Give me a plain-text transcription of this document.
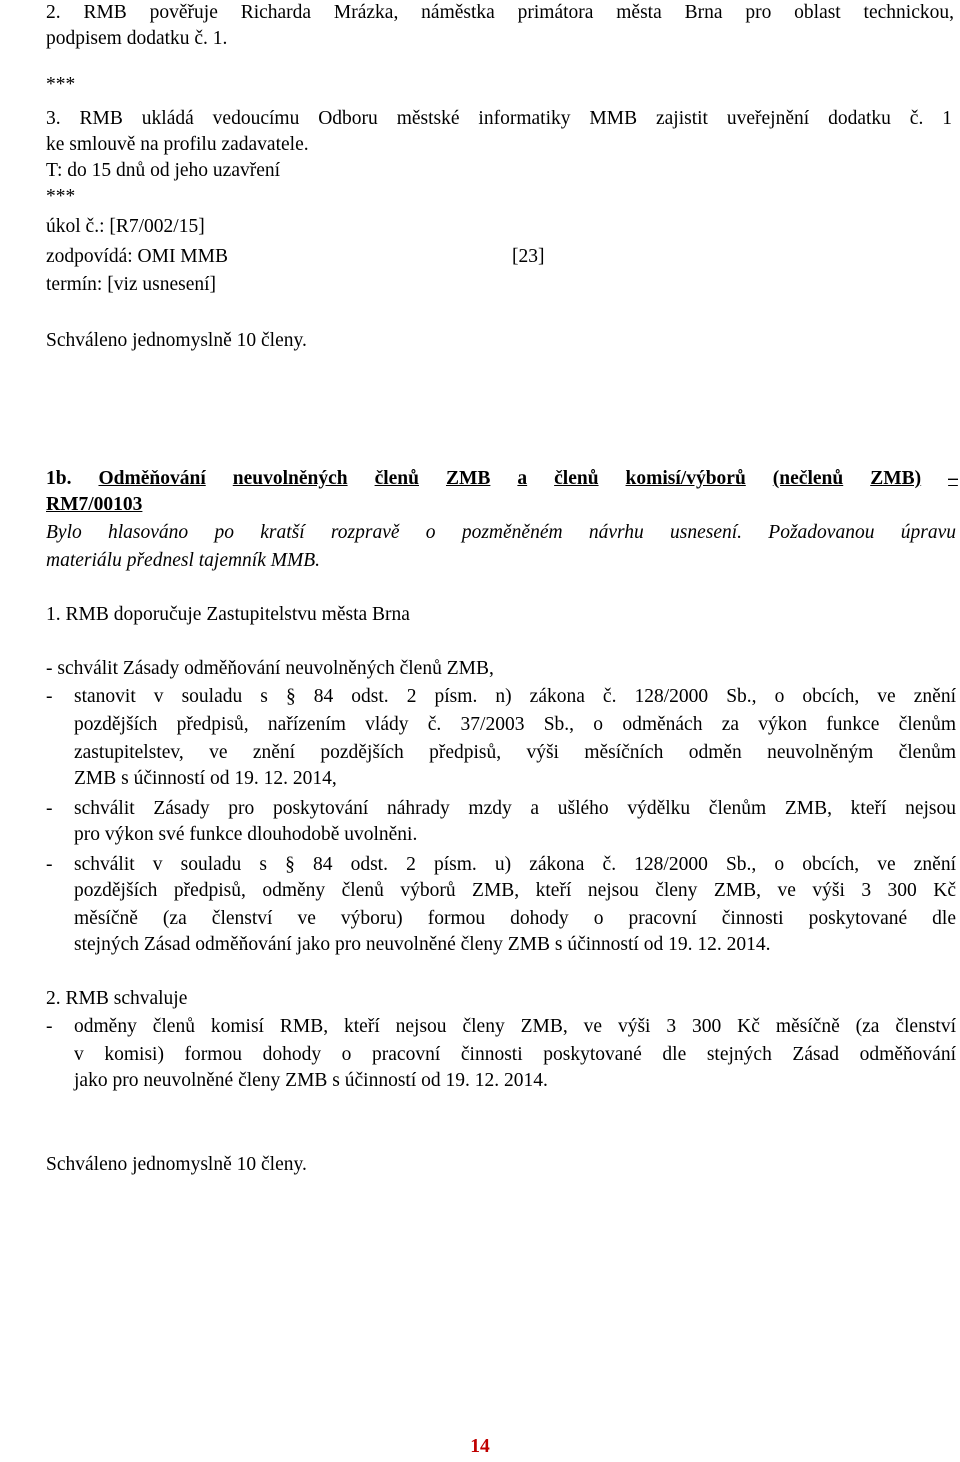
2. RMB pověřuje Richarda Mrázka, náměstka primátora města Brna pro oblast technickou,
podpisem dodatku č. 1.
***
3. RMB ukládá vedoucímu Odboru městské informatiky MMB zajistit uveřejnění dodatku č. 1
ke smlouvě na profilu zadavatele.
T: do 15 dnů od jeho uzavření
***
úkol č.: [R7/002/15]
zodpovídá: OMI MMB	[23]
termín: [viz usnesení]
Schváleno jednomyslně 10 členy.
1b. Odměňování neuvolněných členů ZMB a členů komisí/výborů (nečlenů ZMB) –
RM7/00103
Bylo hlasováno po kratší rozpravě o pozměněném návrhu usnesení. Požadovanou úpravu
materiálu přednesl tajemník MMB.
1. RMB doporučuje Zastupitelstvu města Brna
- schválit Zásady odměňování neuvolněných členů ZMB,
- stanovit v souladu s § 84 odst. 2 písm. n) zákona č. 128/2000 Sb., o obcích, ve znění
pozdějších předpisů, nařízením vlády č. 37/2003 Sb., o odměnách za výkon funkce členům
zastupitelstev, ve znění pozdějších předpisů, výši měsíčních odměn neuvolněným členům
ZMB s účinností od 19. 12. 2014,
- schválit Zásady pro poskytování náhrady mzdy a ušlého výdělku členům ZMB, kteří nejsou
pro výkon své funkce dlouhodobě uvolněni.
- schválit v souladu s § 84 odst. 2 písm. u) zákona č. 128/2000 Sb., o obcích, ve znění
pozdějších předpisů, odměny členů výborů ZMB, kteří nejsou členy ZMB, ve výši 3 300 Kč
měsíčně (za členství ve výboru) formou dohody o pracovní činnosti poskytované dle
stejných Zásad odměňování jako pro neuvolněné členy ZMB s účinností od 19. 12. 2014.
2. RMB schvaluje
- odměny členů komisí RMB, kteří nejsou členy ZMB, ve výši 3 300 Kč měsíčně (za členství
v komisi) formou dohody o pracovní činnosti poskytované dle stejných Zásad odměňování
jako pro neuvolněné členy ZMB s účinností od 19. 12. 2014.
Schváleno jednomyslně 10 členy.
14
